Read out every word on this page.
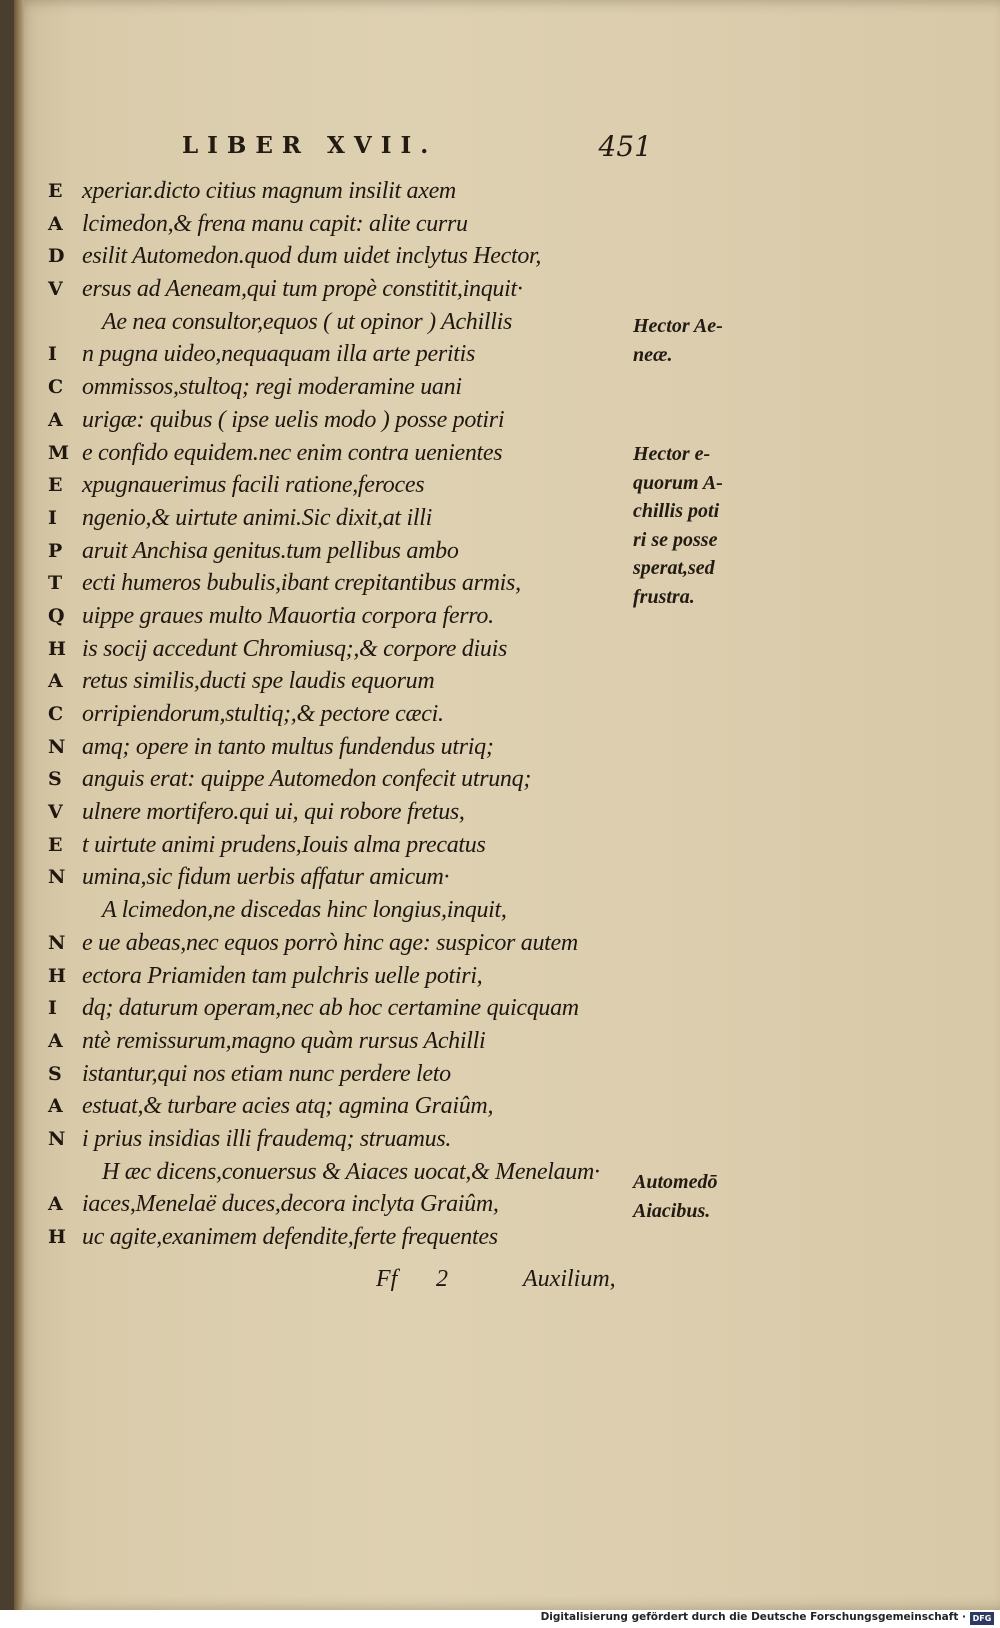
LIBER XVII.	451
E xperiar.dicto citius magnum insilit axem
A lcimedon,& frena manu capit: alite curru
D esilit Automedon.quod dum uidet inclytus Hector,
V ersus ad Aeneam,qui tum propè constitit,inquit·
Ae nea consultor,equos ( ut opinor ) Achillis
I	n pugna uideo,nequaquam illa arte peritis
C ommissos,stultoq; regi moderamine uani
A urigæ: quibus ( ipse uelis modo ) posse potiri
M e confido equidem.nec enim contra uenientes
E xpugnauerimus facili ratione,feroces
I	ngenio,& uirtute animi.Sic dixit,at illi
P aruit Anchisa genitus.tum pellibus ambo
T ecti humeros bubulis,ibant crepitantibus armis,
Q uippe graues multo Mauortia corpora ferro.
H is socij accedunt Chromiusq;,& corpore diuis
A retus similis,ducti spe laudis equorum
C orripiendorum,stultiq;,& pectore cæci.
N amq; opere in tanto multus fundendus utriq;
S anguis erat: quippe Automedon confecit utrunq;
V ulnere mortifero.qui ui, qui robore fretus,
E t uirtute animi prudens,Iouis alma precatus
N umina,sic fidum uerbis affatur amicum·
A lcimedon,ne discedas hinc longius,inquit,
N e ue abeas,nec equos porrò hinc age: suspicor autem
H ectora Priamiden tam pulchris uelle potiri,
I	dq; daturum operam,nec ab hoc certamine quicquam
A ntè remissurum,magno quàm rursus Achilli
S istantur,qui nos etiam nunc perdere leto
A estuat,& turbare acies atq; agmina Graiûm,
N i prius insidias illi fraudemq; struamus.
H æc dicens,conuersus & Aiaces uocat,& Menelaum·
A iaces,Menelaë duces,decora inclyta Graiûm,
H uc agite,exanimem defendite,ferte frequentes
Hector Ae-
neæ.
Hector e-
quorum A-
chillis poti
ri se posse
sperat,sed
frustra.
Automedō
Aiacibus.
Ff 2	Auxilium,
Digitalisierung gefördert durch die Deutsche Forschungsgemeinschaft · DFG
